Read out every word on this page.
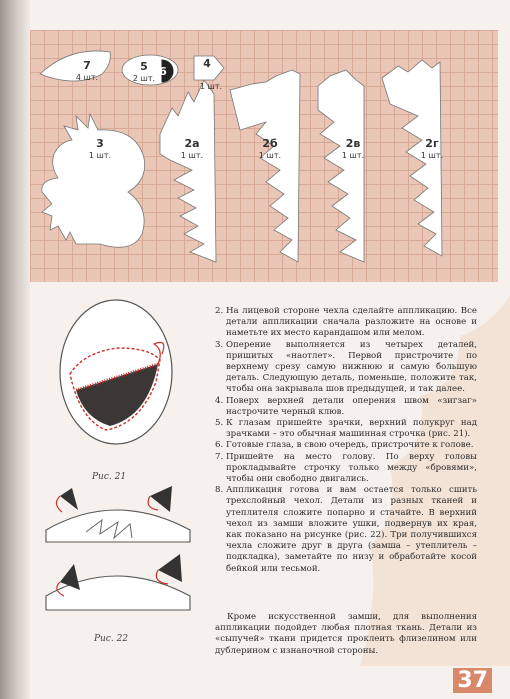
7
4 шт.
5
2 шт.
6
4
1 шт.
3
1 шт.
2а
1 шт.
2б
1 шт.
2в
1 шт.
2г
1 шт.
Рис. 21
Рис. 22
2. На лицевой стороне чехла сделайте аппликацию. Все детали аппликации сначала разложите на основе и наметьте их место карандашом или мелом.
3. Оперение выполняется из четырех деталей, пришитых «наотлет». Первой пристрочите по верхнему срезу самую нижнюю и самую большую деталь. Следующую деталь, поменьше, положите так, чтобы она закрывала шов предыдущей, и так далее.
4. Поверх верхней детали оперения швом «зигзаг» настрочите черный клюв.
5. К глазам пришейте зрачки, верхний полукруг над зрачками – это обычная машинная строчка (рис. 21).
6. Готовые глаза, в свою очередь, пристрочите к голове.
7. Пришейте на место голову. По верху головы прокладывайте строчку только между «бровями», чтобы они свободно двигались.
8. Аппликация готова и вам остается только сшить трехслойный чехол. Детали из разных тканей и утеплителя сложите попарно и стачайте. В верхний чехол из замши вложите ушки, подвернув их края, как показано на рисунке (рис. 22). Три получившихся чехла сложите друг в друга (замша – утеплитель – подкладка), заметайте по низу и обработайте косой бейкой или тесьмой.
Кроме искусственной замши, для выполнения аппликации подойдет любая плотная ткань. Детали из «сыпучей» ткани придется проклеить флизелином или дублерином с изнаночной стороны.
37
